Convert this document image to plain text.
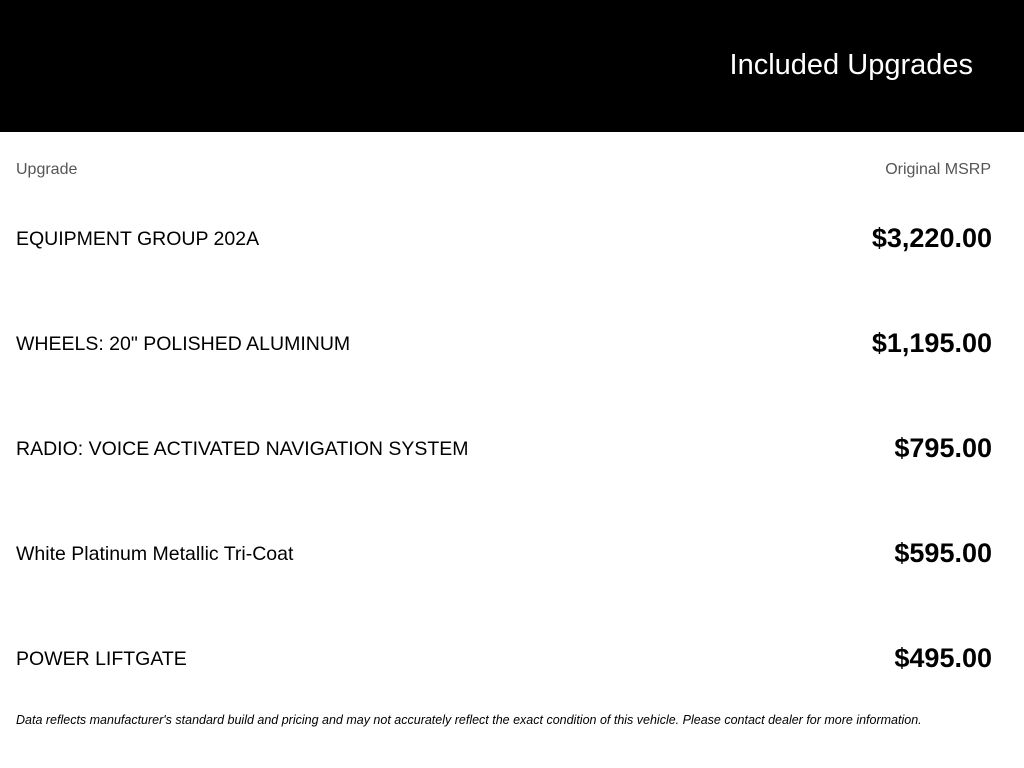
Included Upgrades
Upgrade	Original MSRP
EQUIPMENT GROUP 202A	$3,220.00
WHEELS: 20" POLISHED ALUMINUM	$1,195.00
RADIO: VOICE ACTIVATED NAVIGATION SYSTEM	$795.00
White Platinum Metallic Tri-Coat	$595.00
POWER LIFTGATE	$495.00
Data reflects manufacturer's standard build and pricing and may not accurately reflect the exact condition of this vehicle. Please contact dealer for more information.
